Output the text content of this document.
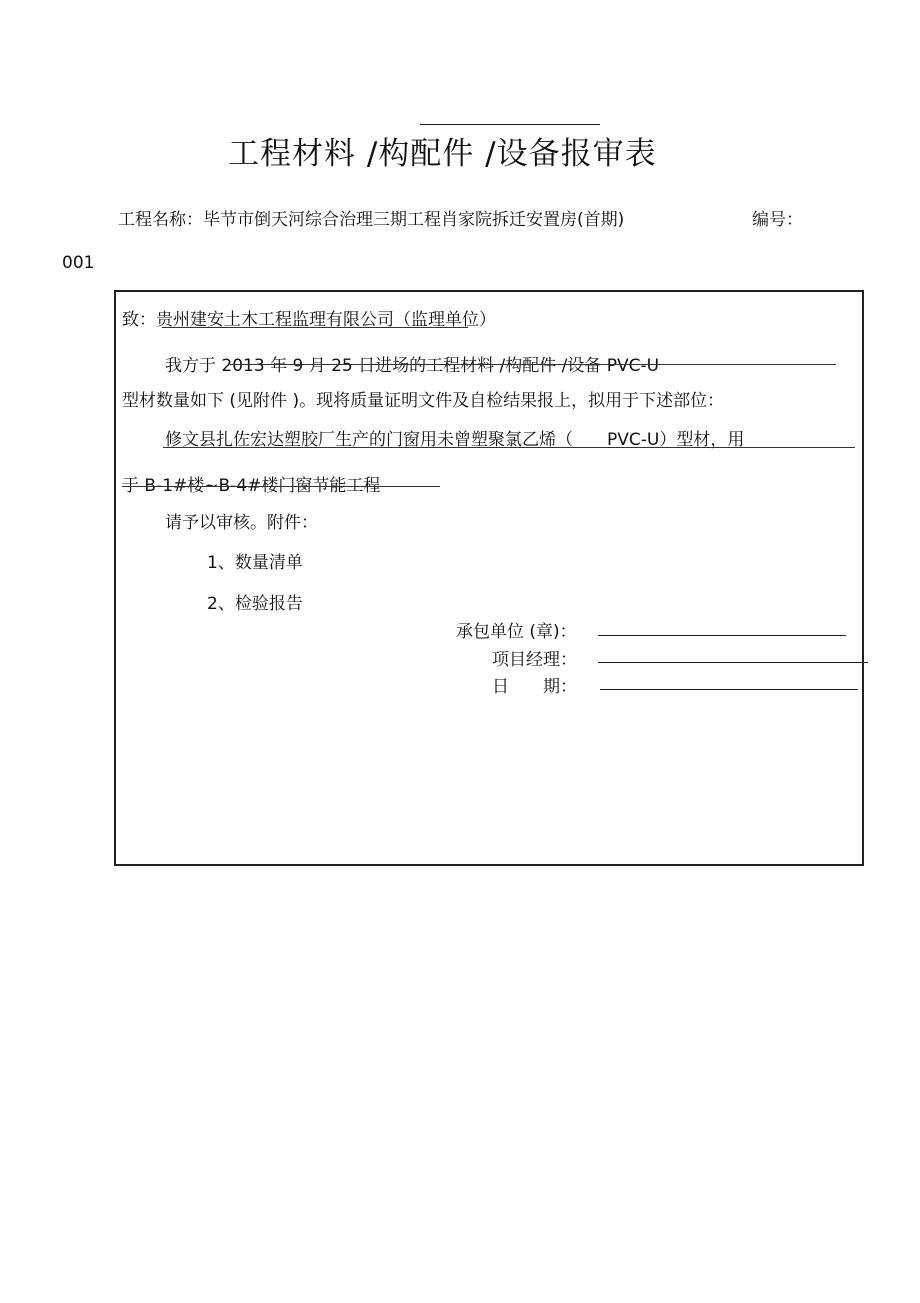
工程材料 /构配件 /设备报审表
工程名称：毕节市倒天河综合治理三期工程肖家院拆迁安置房(首期)	编号：
001
致：贵州建安土木工程监理有限公司（监理单位）
我方于 2013 年 9 月 25 日进场的工程材料 /构配件 /设备 PVC-U
型材数量如下 (见附件 )。现将质量证明文件及自检结果报上，拟用于下述部位：
修文县扎佐宏达塑胶厂生产的门窗用未曾塑聚氯乙烯（　　PVC-U）型材，用
于 B-1#楼~B-4#楼门窗节能工程
请予以审核。附件：
1、数量清单
2、检验报告
承包单位 (章)：
项目经理：
日　　期：
